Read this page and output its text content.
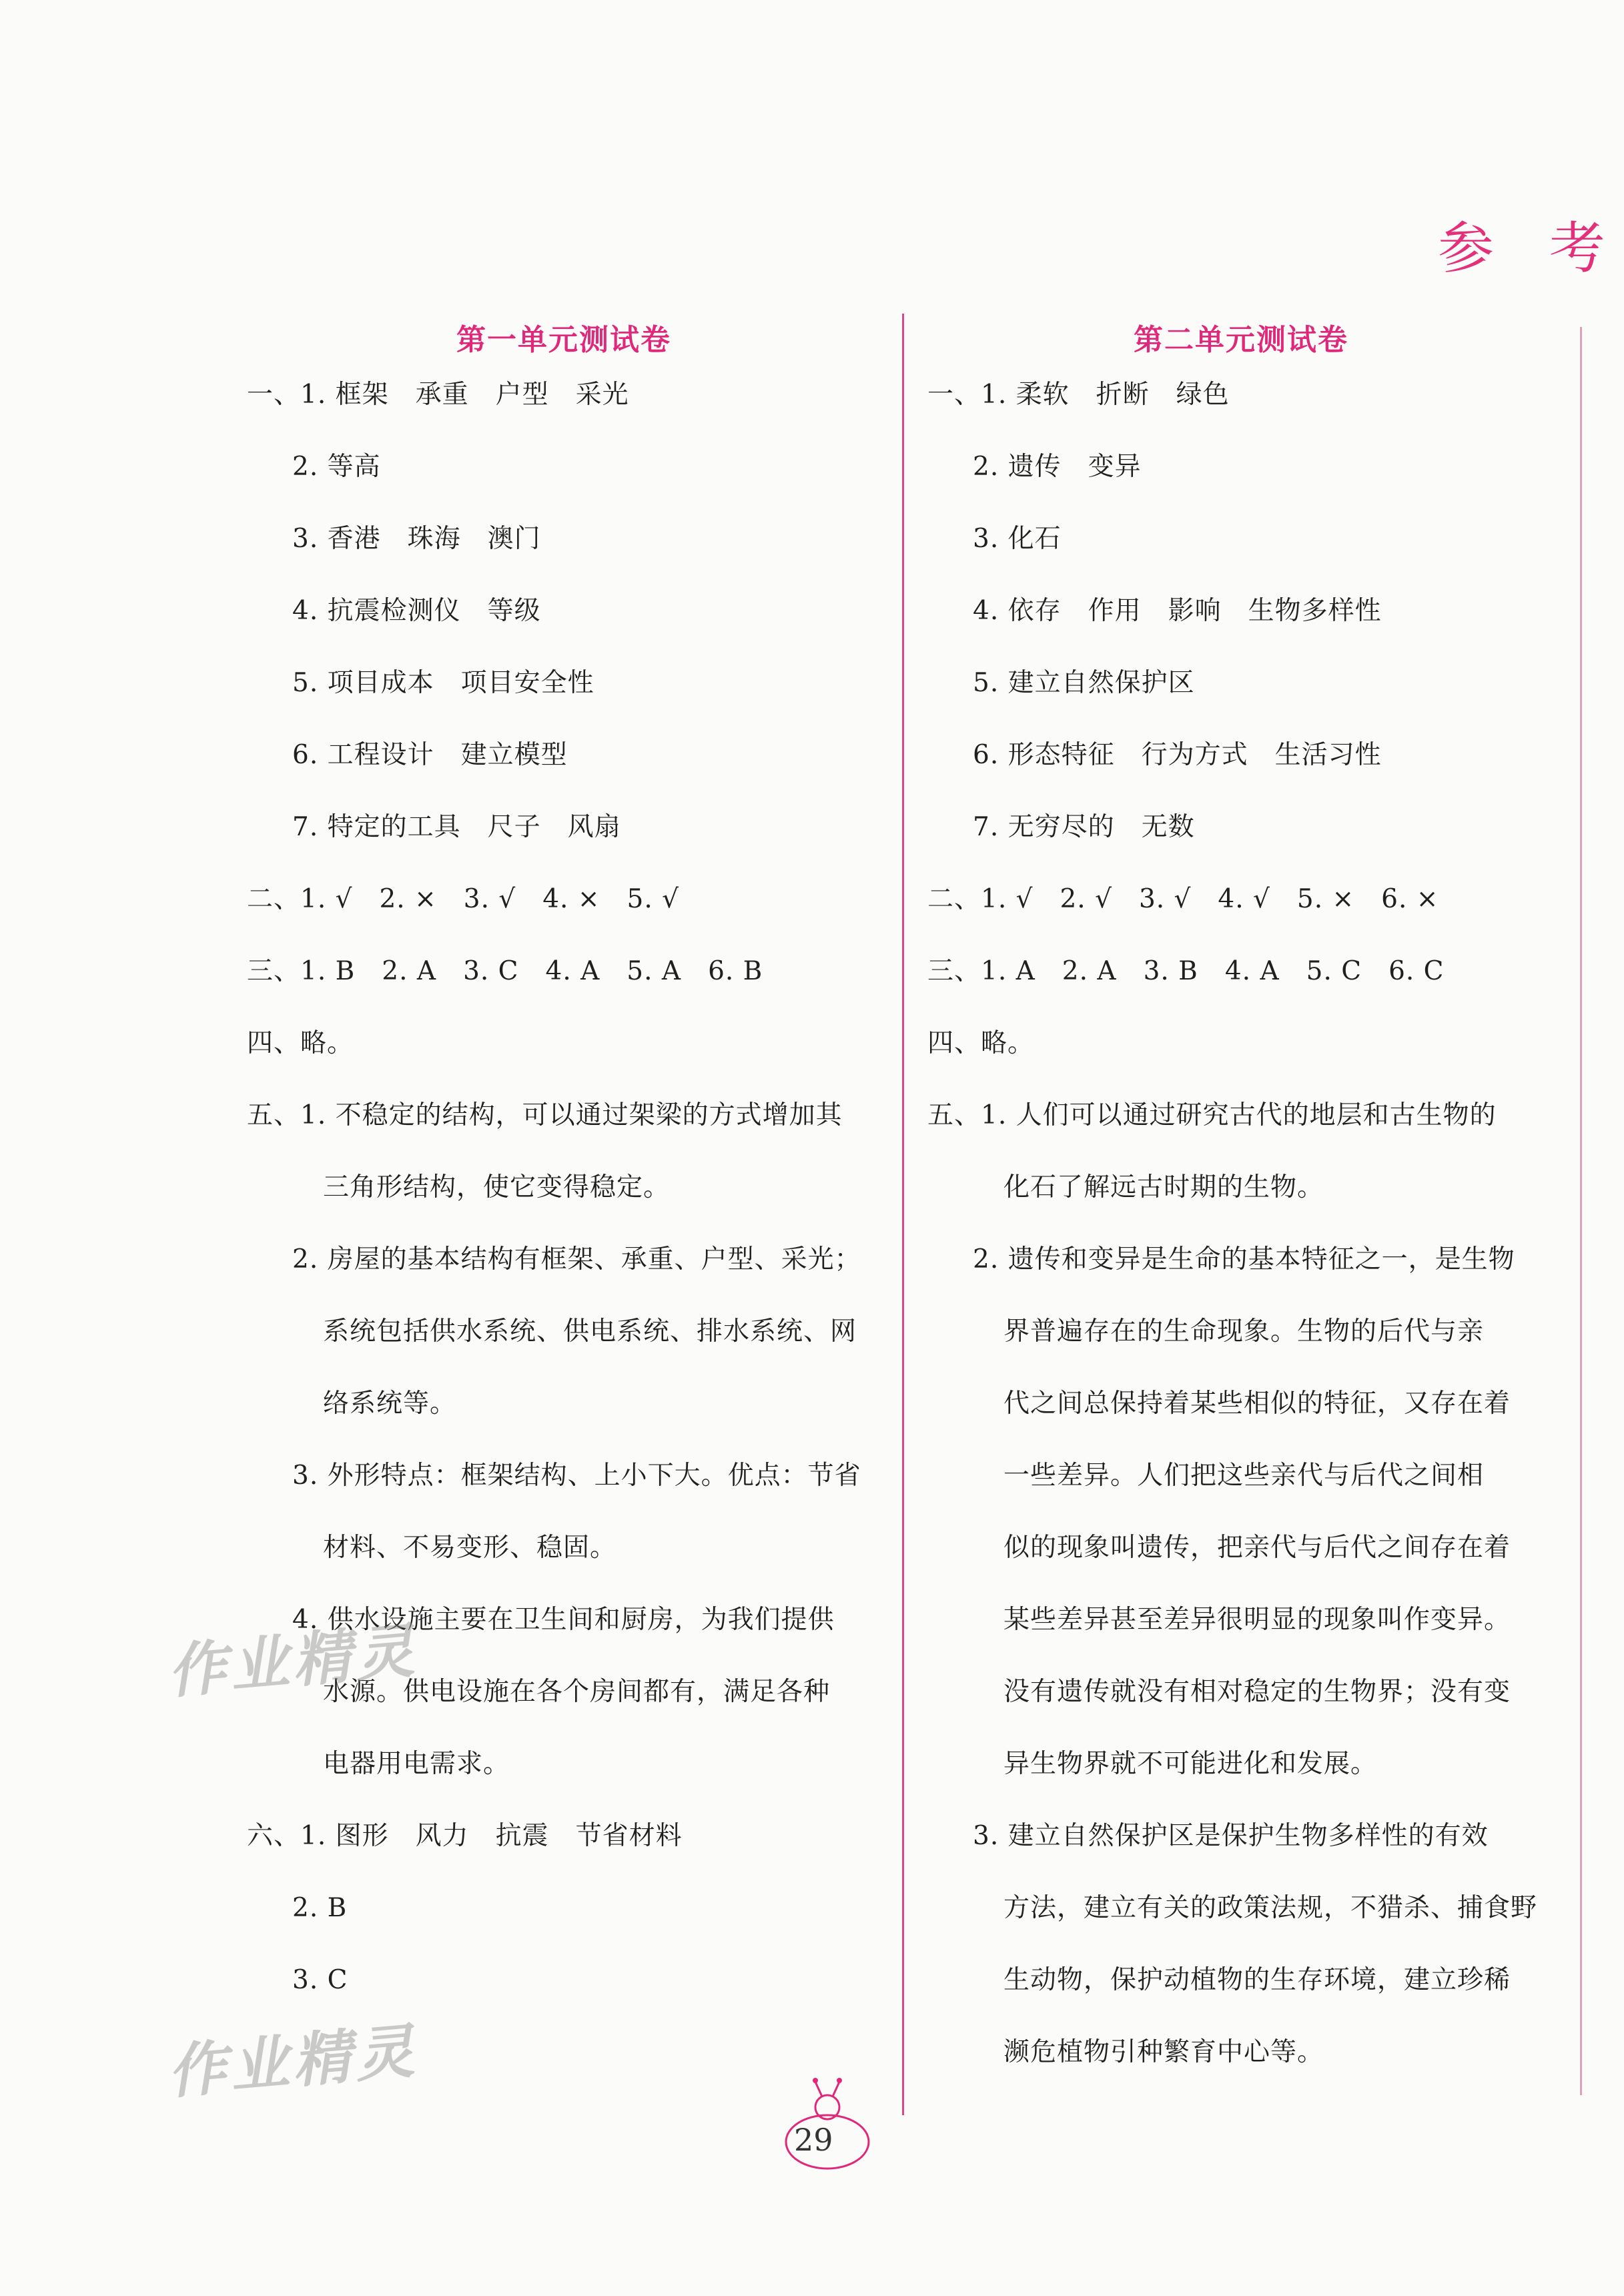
参 考
第一单元测试卷
一、1. 框架 承重 户型 采光
2. 等高
3. 香港 珠海 澳门
4. 抗震检测仪 等级
5. 项目成本 项目安全性
6. 工程设计 建立模型
7. 特定的工具 尺子 风扇
二、1. √ 2. × 3. √ 4. × 5. √
三、1. B 2. A 3. C 4. A 5. A 6. B
四、略。
五、1. 不稳定的结构，可以通过架梁的方式增加其
三角形结构，使它变得稳定。
2. 房屋的基本结构有框架、承重、户型、采光；
系统包括供水系统、供电系统、排水系统、网
络系统等。
3. 外形特点：框架结构、上小下大。优点：节省
材料、不易变形、稳固。
4. 供水设施主要在卫生间和厨房，为我们提供
水源。供电设施在各个房间都有，满足各种
电器用电需求。
六、1. 图形 风力 抗震 节省材料
2. B
3. C
第二单元测试卷
一、1. 柔软 折断 绿色
2. 遗传 变异
3. 化石
4. 依存 作用 影响 生物多样性
5. 建立自然保护区
6. 形态特征 行为方式 生活习性
7. 无穷尽的 无数
二、1. √ 2. √ 3. √ 4. √ 5. × 6. ×
三、1. A 2. A 3. B 4. A 5. C 6. C
四、略。
五、1. 人们可以通过研究古代的地层和古生物的
化石了解远古时期的生物。
2. 遗传和变异是生命的基本特征之一，是生物
界普遍存在的生命现象。生物的后代与亲
代之间总保持着某些相似的特征，又存在着
一些差异。人们把这些亲代与后代之间相
似的现象叫遗传，把亲代与后代之间存在着
某些差异甚至差异很明显的现象叫作变异。
没有遗传就没有相对稳定的生物界；没有变
异生物界就不可能进化和发展。
3. 建立自然保护区是保护生物多样性的有效
方法，建立有关的政策法规，不猎杀、捕食野
生动物，保护动植物的生存环境，建立珍稀
濒危植物引种繁育中心等。
作业精灵
作业精灵
29
